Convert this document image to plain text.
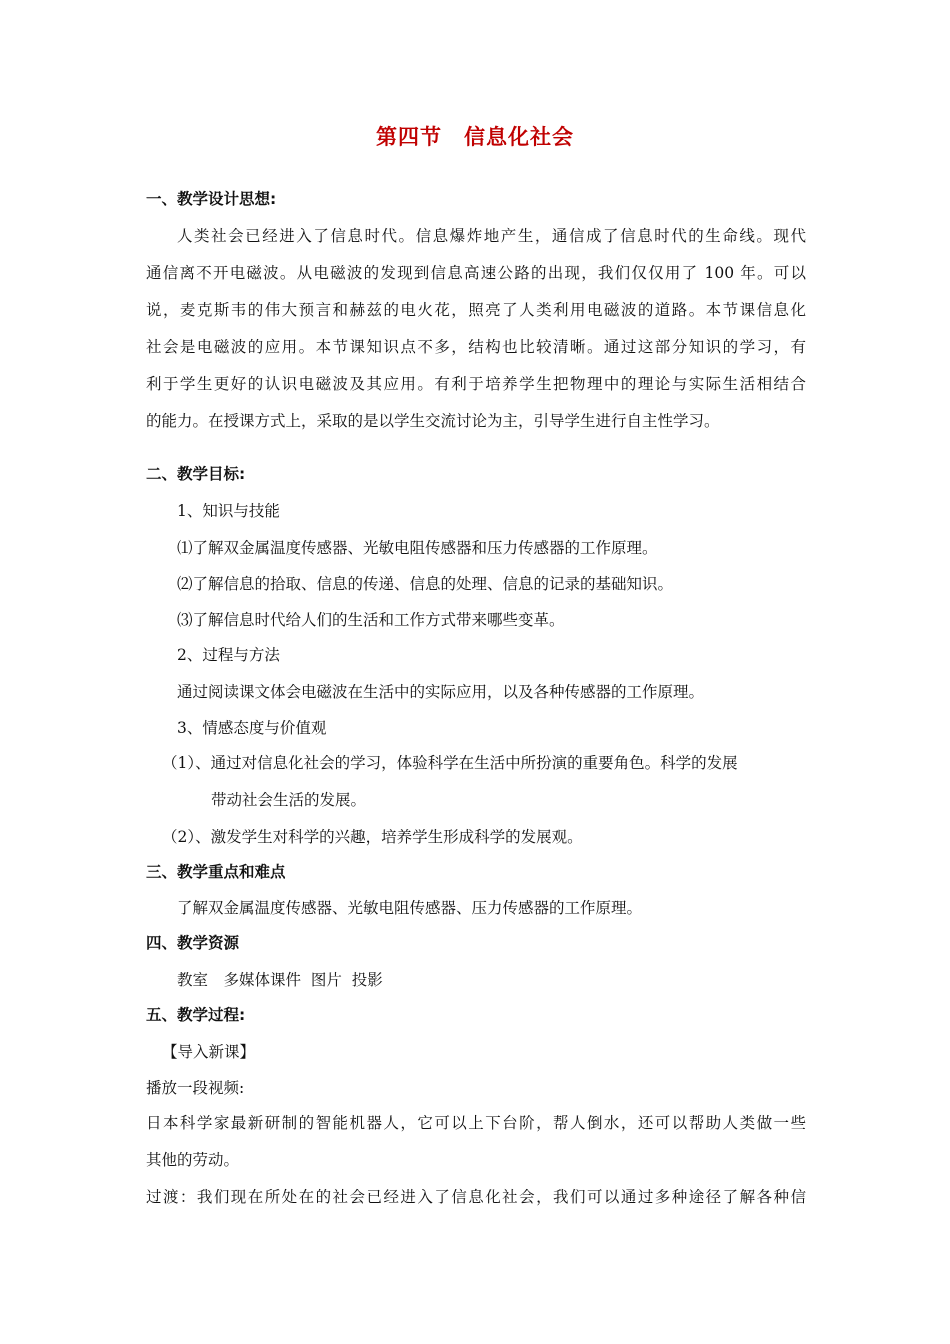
第四节　信息化社会
一、教学设计思想:
人类社会已经进入了信息时代。信息爆炸地产生，通信成了信息时代的生命线。现代
通信离不开电磁波。从电磁波的发现到信息高速公路的出现，我们仅仅用了 100 年。可以
说，麦克斯韦的伟大预言和赫兹的电火花，照亮了人类利用电磁波的道路。本节课信息化
社会是电磁波的应用。本节课知识点不多，结构也比较清晰。通过这部分知识的学习，有
利于学生更好的认识电磁波及其应用。有利于培养学生把物理中的理论与实际生活相结合
的能力。在授课方式上，采取的是以学生交流讨论为主，引导学生进行自主性学习。
二、教学目标:
1、知识与技能
⑴了解双金属温度传感器、光敏电阻传感器和压力传感器的工作原理。
⑵了解信息的拾取、信息的传递、信息的处理、信息的记录的基础知识。
⑶了解信息时代给人们的生活和工作方式带来哪些变革。
2、过程与方法
通过阅读课文体会电磁波在生活中的实际应用，以及各种传感器的工作原理。
3、情感态度与价值观
（1）、通过对信息化社会的学习，体验科学在生活中所扮演的重要角色。科学的发展
带动社会生活的发展。
（2）、激发学生对科学的兴趣，培养学生形成科学的发展观。
三、教学重点和难点
了解双金属温度传感器、光敏电阻传感器、压力传感器的工作原理。
四、教学资源
教室　多媒体课件  图片  投影
五、教学过程:
【导入新课】
播放一段视频:
日本科学家最新研制的智能机器人，它可以上下台阶，帮人倒水，还可以帮助人类做一些
其他的劳动。
过渡：我们现在所处在的社会已经进入了信息化社会，我们可以通过多种途径了解各种信
